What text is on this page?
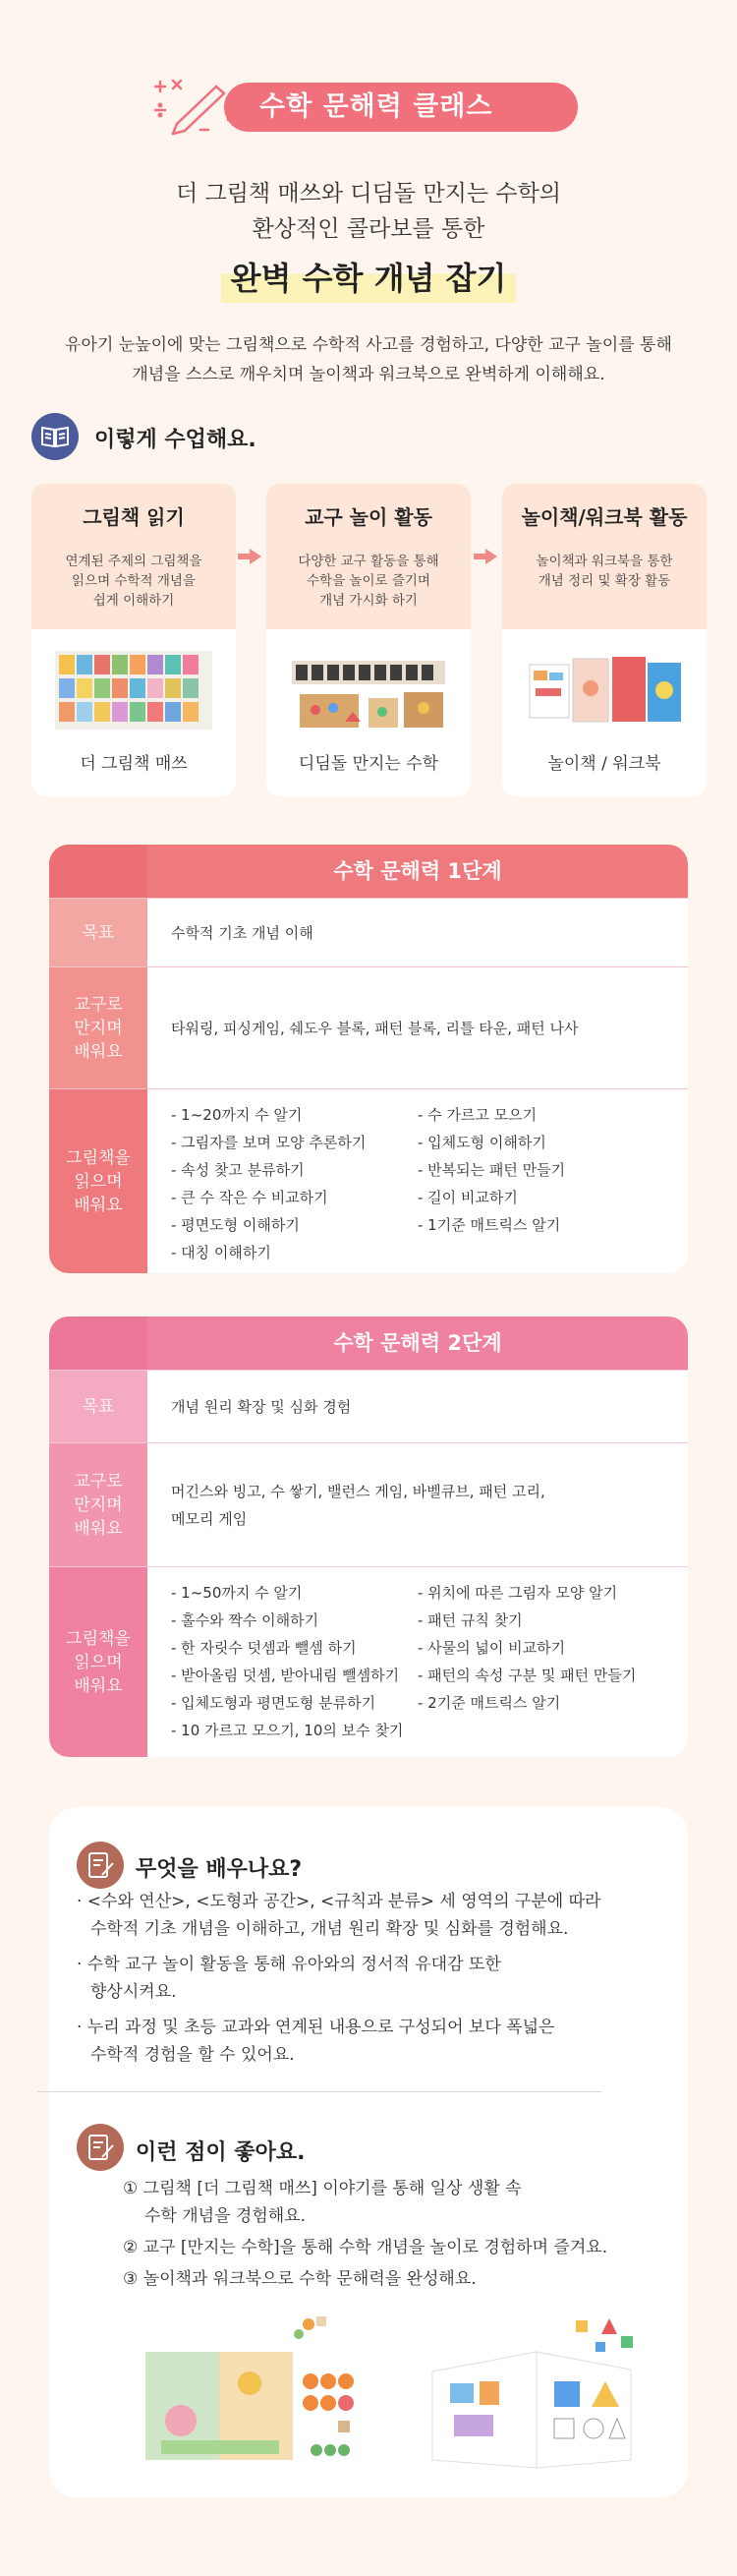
수학 문해력 클래스
더 그림책 매쓰와 디딤돌 만지는 수학의
환상적인 콜라보를 통한
완벽 수학 개념 잡기
유아기 눈높이에 맞는 그림책으로 수학적 사고를 경험하고, 다양한 교구 놀이를 통해
개념을 스스로 깨우치며 놀이책과 워크북으로 완벽하게 이해해요.
이렇게 수업해요.
그림책 읽기
연계된 주제의 그림책을
읽으며 수학적 개념을
쉽게 이해하기
더 그림책 매쓰
교구 놀이 활동
다양한 교구 활동을 통해
수학을 놀이로 즐기며
개념 가시화 하기
디딤돌 만지는 수학
놀이책/워크북 활동
놀이책과 워크북을 통한
개념 정리 및 확장 활동
놀이책 / 워크북
수학 문해력 1단계
목표	수학적 기초 개념 이해
교구로
만지며
배워요
타워링, 피싱게임, 쉐도우 블록, 패턴 블록, 리틀 타운, 패턴 나사
그림책을
읽으며
배워요
- 1~20까지 수 알기
- 그림자를 보며 모양 추론하기
- 속성 찾고 분류하기
- 큰 수 작은 수 비교하기
- 평면도형 이해하기
- 대칭 이해하기
- 수 가르고 모으기
- 입체도형 이해하기
- 반복되는 패턴 만들기
- 길이 비교하기
- 1기준 매트릭스 알기
수학 문해력 2단계
목표	개념 원리 확장 및 심화 경험
교구로
만지며
배워요
머긴스와 빙고, 수 쌓기, 밸런스 게임, 바벨큐브, 패턴 고리,
메모리 게임
그림책을
읽으며
배워요
- 1~50까지 수 알기
- 홀수와 짝수 이해하기
- 한 자릿수 덧셈과 뺄셈 하기
- 받아올림 덧셈, 받아내림 뺄셈하기
- 입체도형과 평면도형 분류하기
- 10 가르고 모으기, 10의 보수 찾기
- 위치에 따른 그림자 모양 알기
- 패턴 규칙 찾기
- 사물의 넓이 비교하기
- 패턴의 속성 구분 및 패턴 만들기
- 2기준 매트릭스 알기
무엇을 배우나요?
· <수와 연산>, <도형과 공간>, <규칙과 분류> 세 영역의 구분에 따라
수학적 기초 개념을 이해하고, 개념 원리 확장 및 심화를 경험해요.
· 수학 교구 놀이 활동을 통해 유아와의 정서적 유대감 또한
향상시켜요.
· 누리 과정 및 초등 교과와 연계된 내용으로 구성되어 보다 폭넓은
수학적 경험을 할 수 있어요.
이런 점이 좋아요.
① 그림책 [더 그림책 매쓰] 이야기를 통해 일상 생활 속
수학 개념을 경험해요.
② 교구 [만지는 수학]을 통해 수학 개념을 놀이로 경험하며 즐겨요.
③ 놀이책과 워크북으로 수학 문해력을 완성해요.
